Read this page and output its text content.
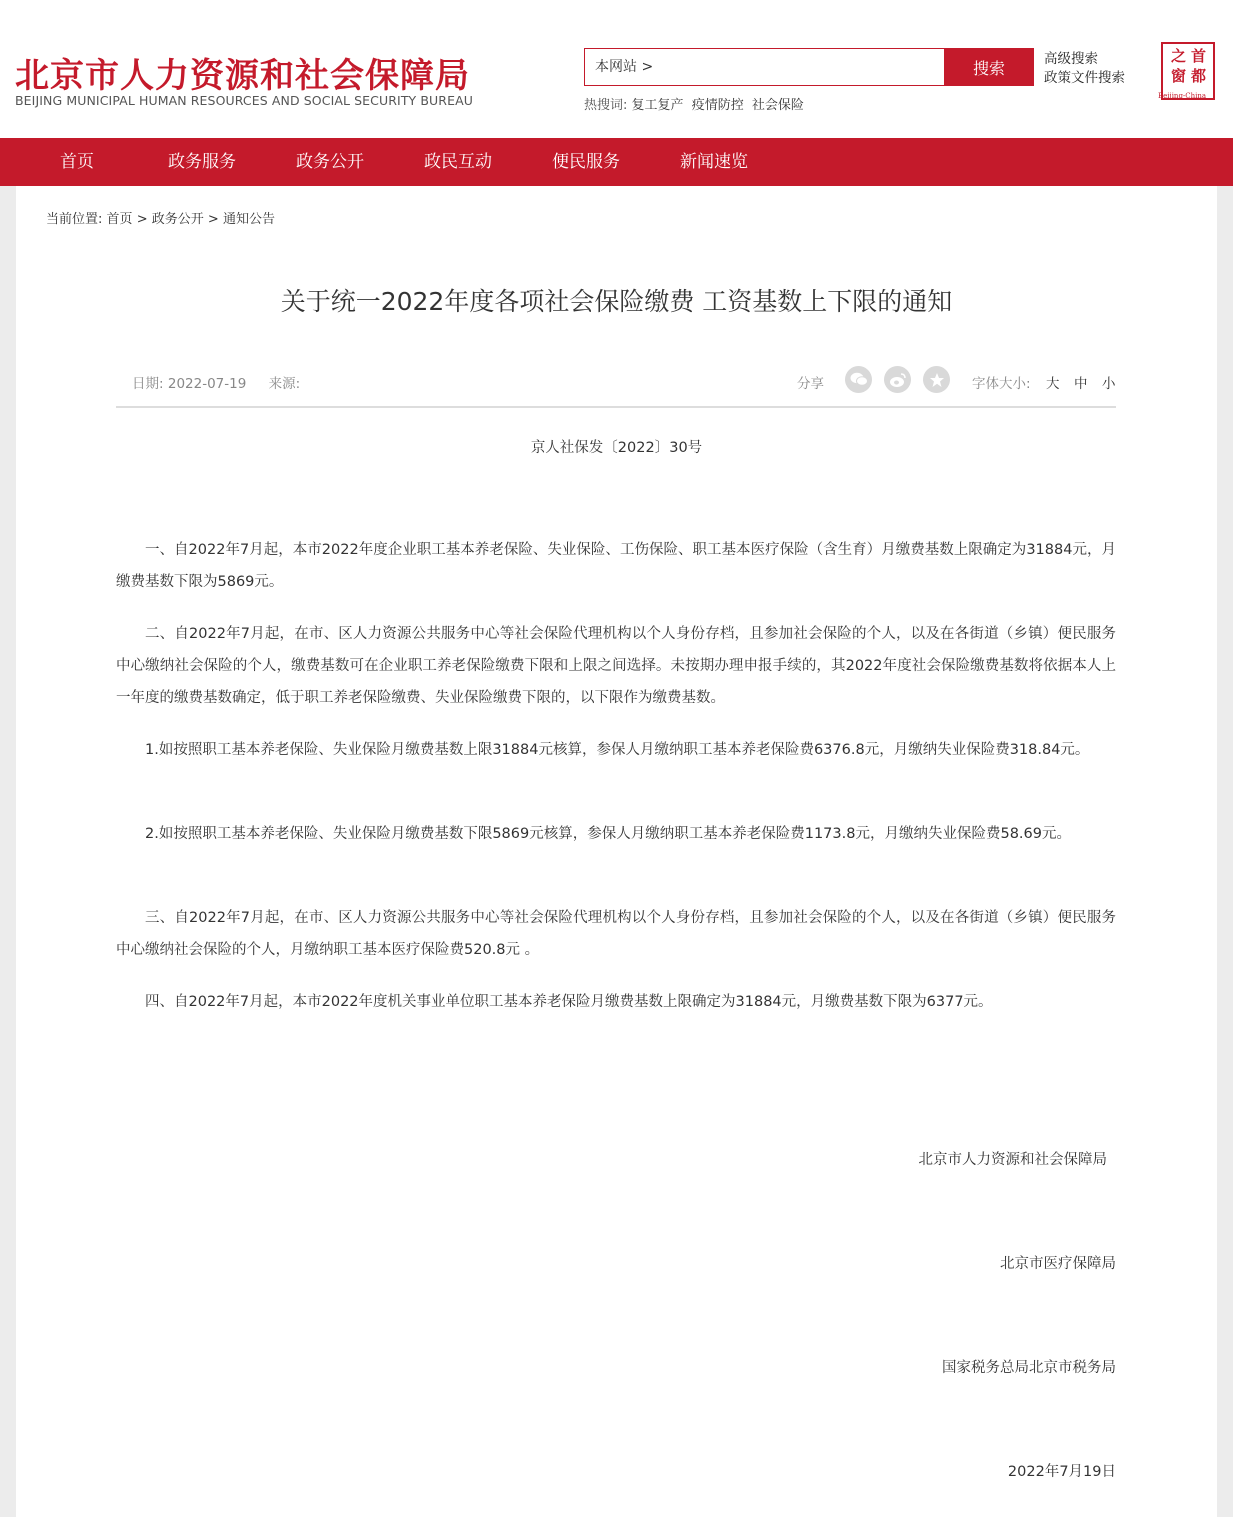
北京市人力资源和社会保障局
BEIJING MUNICIPAL HUMAN RESOURCES AND SOCIAL SECURITY BUREAU
本网站 >	搜索	高级搜索
政策文件搜索
热搜词: 复工复产 疫情防控 社会保险
首
都
之
窗
Beijing-China
首页	政务服务	政务公开	政民互动	便民服务	新闻速览
当前位置: 首页 > 政务公开 > 通知公告
关于统一2022年度各项社会保险缴费 工资基数上下限的通知
日期: 2022-07-19 来源:	分享	字体大小: 大 中 小
京人社保发〔2022〕30号
一、自2022年7月起，本市2022年度企业职工基本养老保险、失业保险、工伤保险、职工基本医疗保险（含生育）月缴费基数上限确定为31884元，月缴费基数下限为5869元。
二、自2022年7月起，在市、区人力资源公共服务中心等社会保险代理机构以个人身份存档，且参加社会保险的个人，以及在各街道（乡镇）便民服务中心缴纳社会保险的个人，缴费基数可在企业职工养老保险缴费下限和上限之间选择。未按期办理申报手续的，其2022年度社会保险缴费基数将依据本人上一年度的缴费基数确定，低于职工养老保险缴费、失业保险缴费下限的，以下限作为缴费基数。
1.如按照职工基本养老保险、失业保险月缴费基数上限31884元核算，参保人月缴纳职工基本养老保险费6376.8元，月缴纳失业保险费318.84元。
2.如按照职工基本养老保险、失业保险月缴费基数下限5869元核算，参保人月缴纳职工基本养老保险费1173.8元，月缴纳失业保险费58.69元。
三、自2022年7月起，在市、区人力资源公共服务中心等社会保险代理机构以个人身份存档，且参加社会保险的个人，以及在各街道（乡镇）便民服务中心缴纳社会保险的个人，月缴纳职工基本医疗保险费520.8元 。
四、自2022年7月起，本市2022年度机关事业单位职工基本养老保险月缴费基数上限确定为31884元，月缴费基数下限为6377元。
北京市人力资源和社会保障局
北京市医疗保障局
国家税务总局北京市税务局
2022年7月19日
